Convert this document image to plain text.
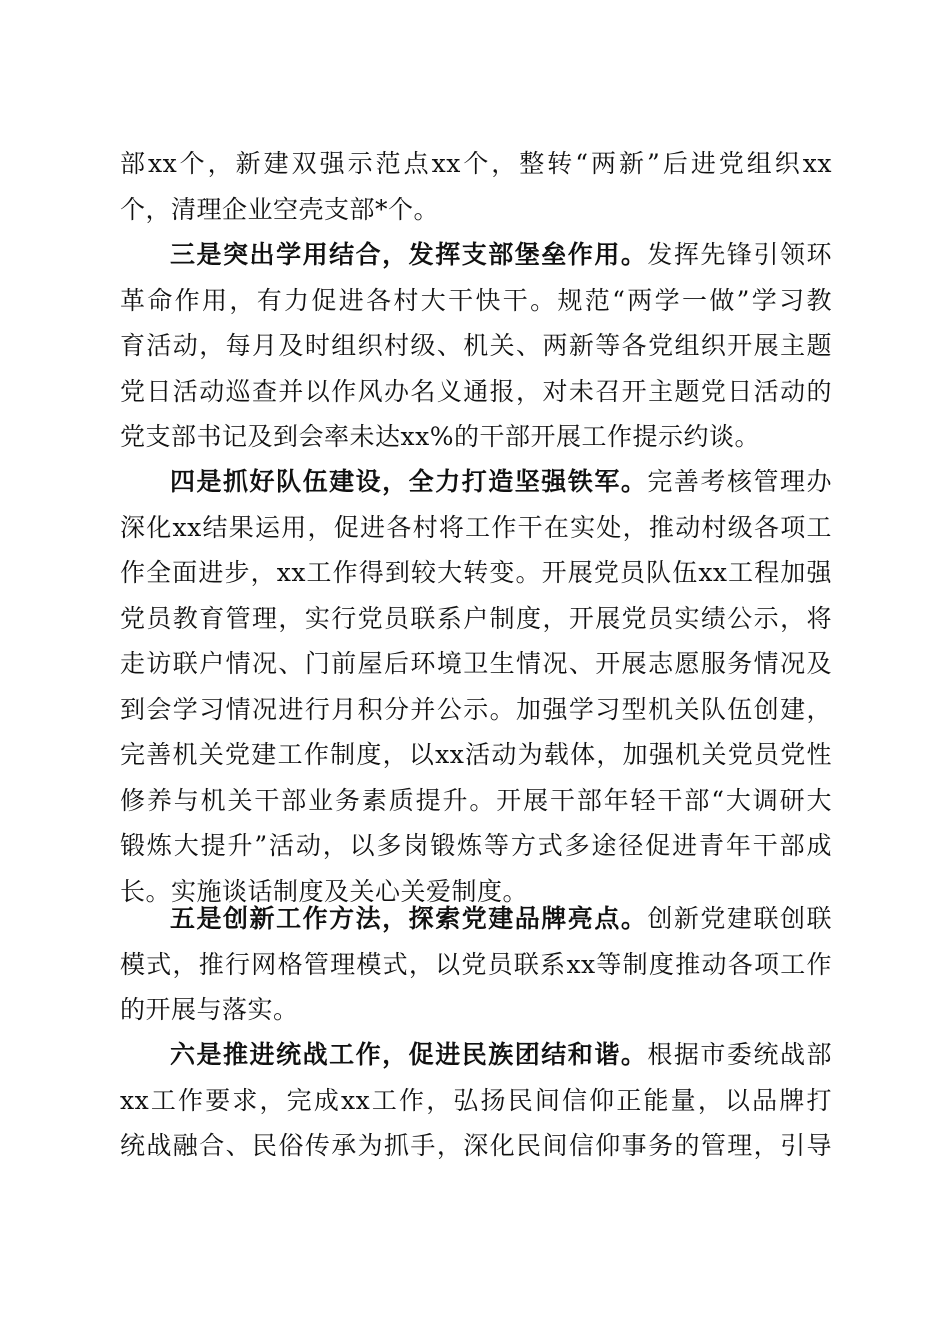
部xx个，新建双强示范点xx个，整转“两新”后进党组织xx
个，清理企业空壳支部*个。
三是突出学用结合，发挥支部堡垒作用。发挥先锋引领环
革命作用，有力促进各村大干快干。规范“两学一做”学习教
育活动，每月及时组织村级、机关、两新等各党组织开展主题
党日活动巡查并以作风办名义通报，对未召开主题党日活动的
党支部书记及到会率未达xx%的干部开展工作提示约谈。
四是抓好队伍建设，全力打造坚强铁军。完善考核管理办
深化xx结果运用，促进各村将工作干在实处，推动村级各项工
作全面进步，xx工作得到较大转变。开展党员队伍xx工程加强
党员教育管理，实行党员联系户制度，开展党员实绩公示，将
走访联户情况、门前屋后环境卫生情况、开展志愿服务情况及
到会学习情况进行月积分并公示。加强学习型机关队伍创建，
完善机关党建工作制度，以xx活动为载体，加强机关党员党性
修养与机关干部业务素质提升。开展干部年轻干部“大调研大
锻炼大提升”活动，以多岗锻炼等方式多途径促进青年干部成
长。实施谈话制度及关心关爱制度。
五是创新工作方法，探索党建品牌亮点。创新党建联创联
模式，推行网格管理模式，以党员联系xx等制度推动各项工作
的开展与落实。
六是推进统战工作，促进民族团结和谐。根据市委统战部
xx工作要求，完成xx工作，弘扬民间信仰正能量，以品牌打
统战融合、民俗传承为抓手，深化民间信仰事务的管理，引导
